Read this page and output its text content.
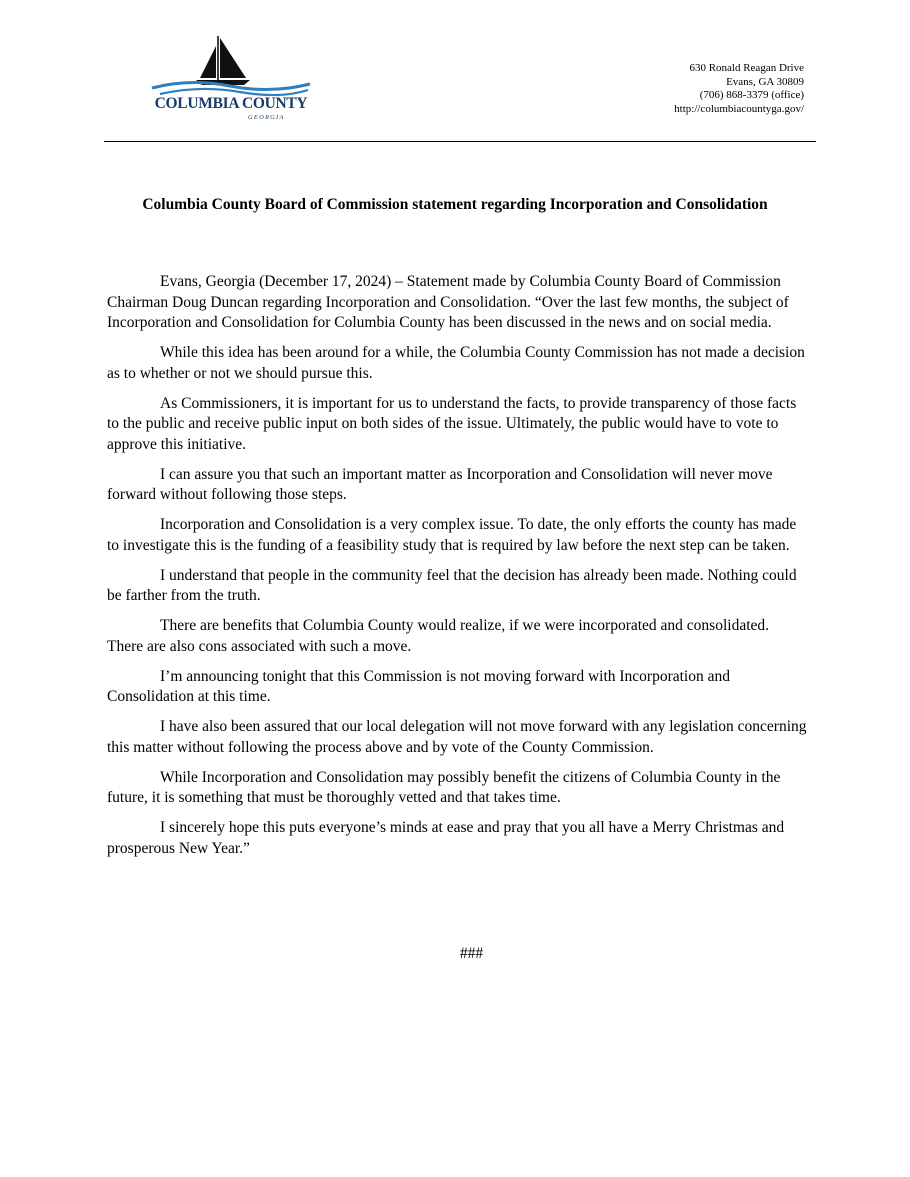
COLUMBIA COUNTY
GEORGIA
630 Ronald Reagan Drive
Evans, GA 30809
(706) 868-3379 (office)
http://columbiacountyga.gov/
Columbia County Board of Commission statement regarding Incorporation and Consolidation

Evans, Georgia (December 17, 2024) – Statement made by Columbia County Board of Commission Chairman Doug Duncan regarding Incorporation and Consolidation. “Over the last few months, the subject of Incorporation and Consolidation for Columbia County has been discussed in the news and on social media.

While this idea has been around for a while, the Columbia County Commission has not made a decision as to whether or not we should pursue this.

As Commissioners, it is important for us to understand the facts, to provide transparency of those facts to the public and receive public input on both sides of the issue. Ultimately, the public would have to vote to approve this initiative.

I can assure you that such an important matter as Incorporation and Consolidation will never move forward without following those steps.

Incorporation and Consolidation is a very complex issue. To date, the only efforts the county has made to investigate this is the funding of a feasibility study that is required by law before the next step can be taken.

I understand that people in the community feel that the decision has already been made. Nothing could be farther from the truth.

There are benefits that Columbia County would realize, if we were incorporated and consolidated. There are also cons associated with such a move.

I’m announcing tonight that this Commission is not moving forward with Incorporation and Consolidation at this time.

I have also been assured that our local delegation will not move forward with any legislation concerning this matter without following the process above and by vote of the County Commission.

While Incorporation and Consolidation may possibly benefit the citizens of Columbia County in the future, it is something that must be thoroughly vetted and that takes time.

I sincerely hope this puts everyone’s minds at ease and pray that you all have a Merry Christmas and prosperous New Year.”

###
